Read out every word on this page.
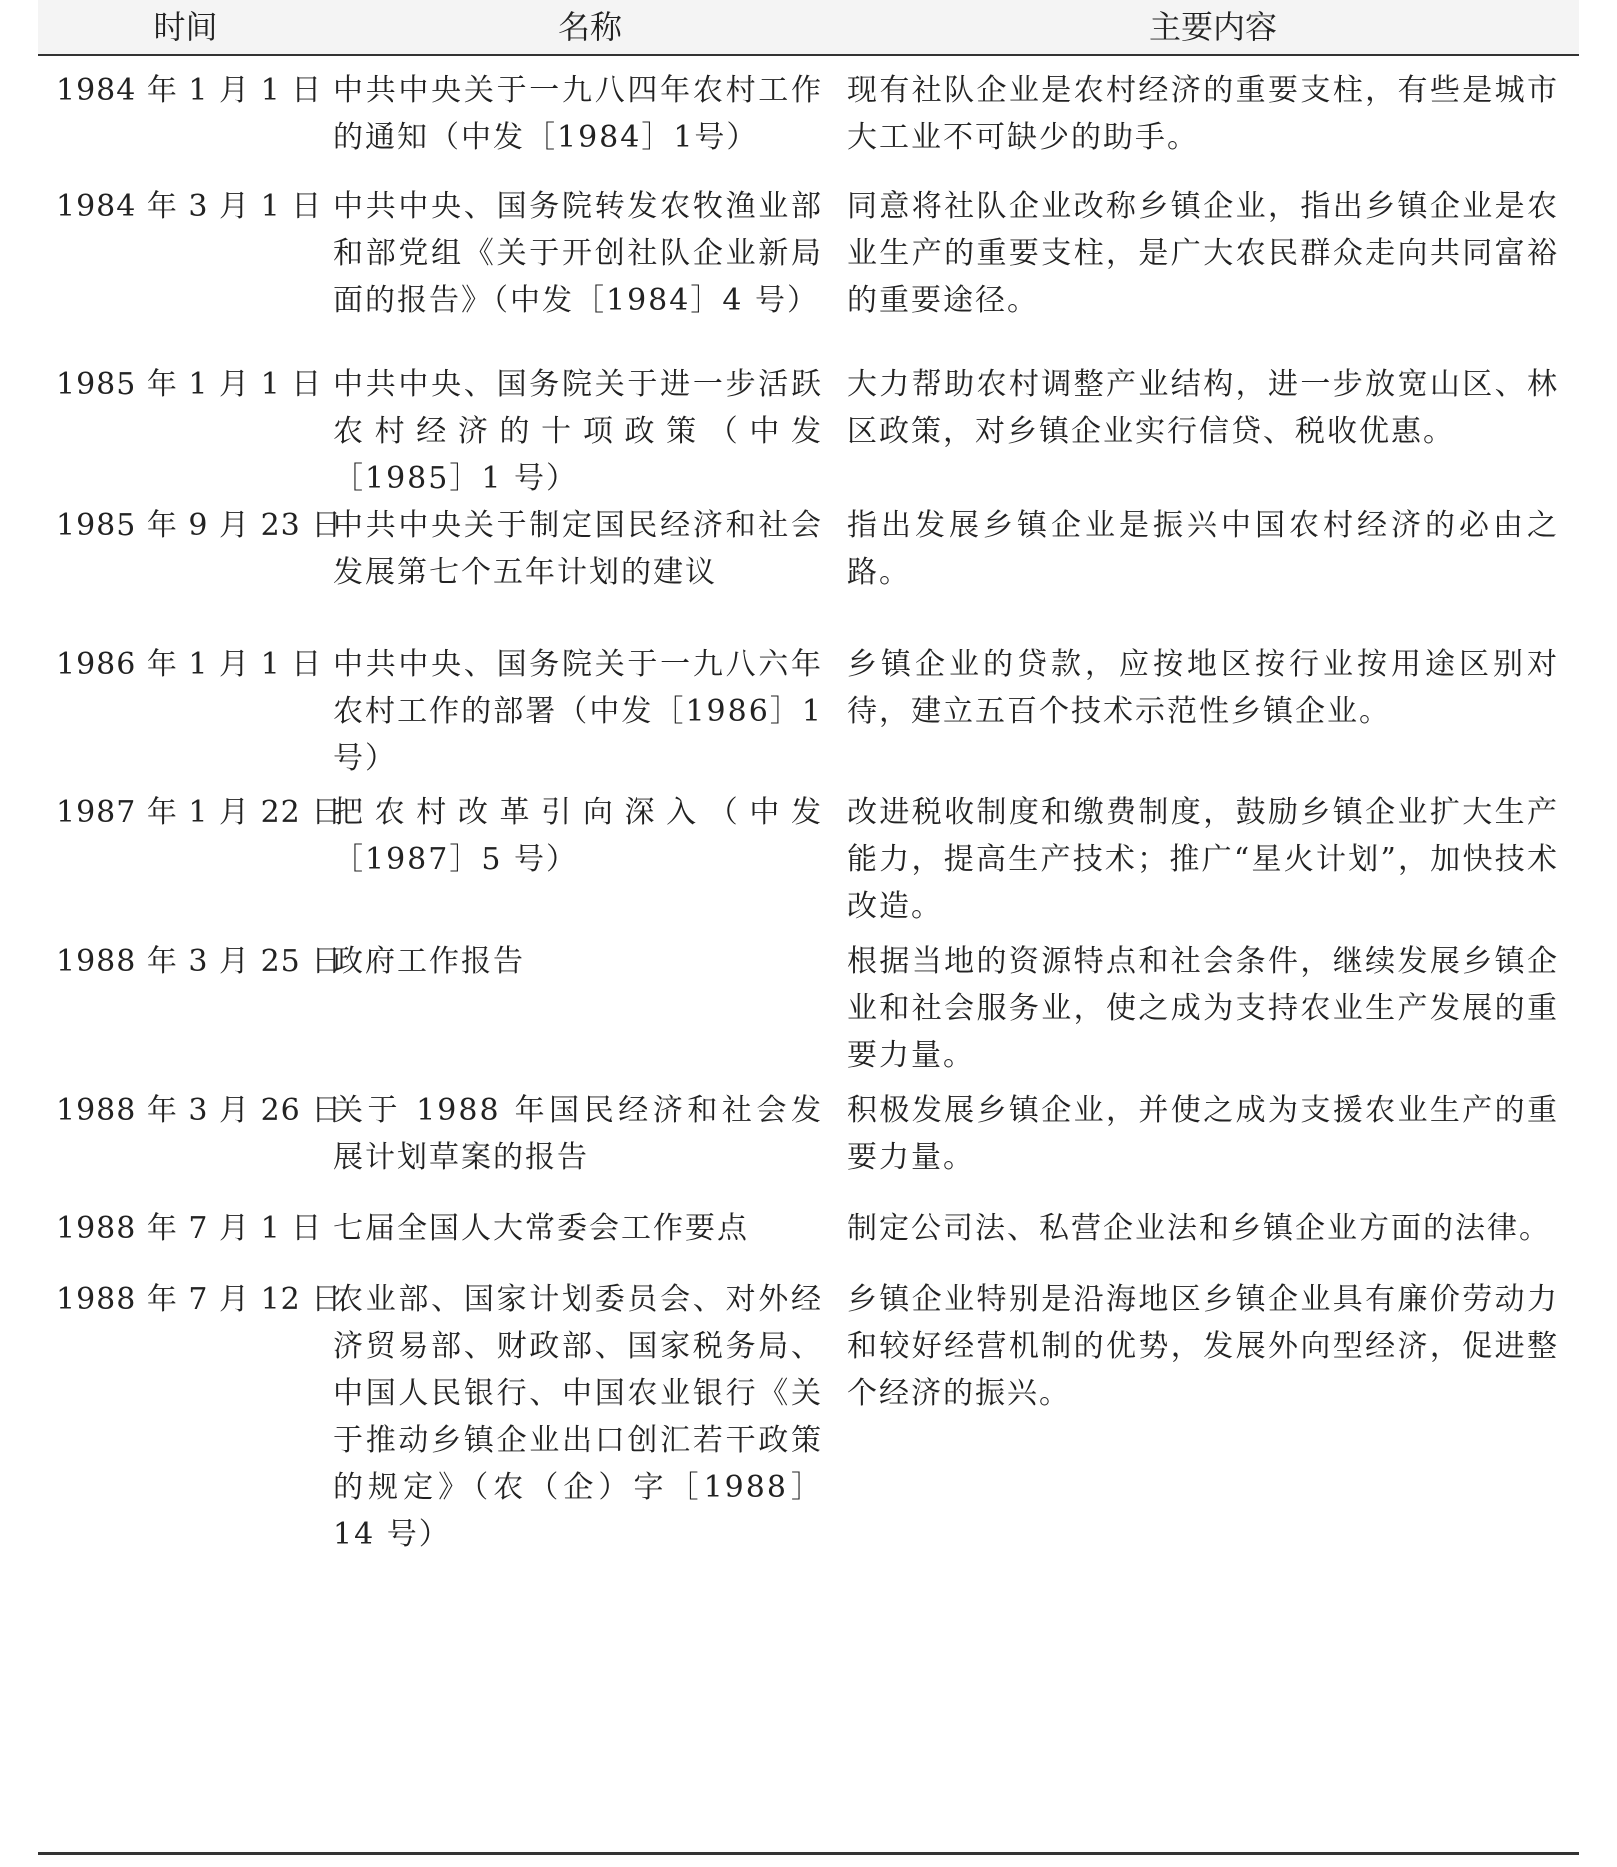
时间	名称	主要内容
1984 年 1 月 1 日	中共中央关于一九八四年农村工作的通知（中发［1984］1号）	现有社队企业是农村经济的重要支柱，有些是城市大工业不可缺少的助手。
1984 年 3 月 1 日	中共中央、国务院转发农牧渔业部和部党组《关于开创社队企业新局面的报告》（中发［1984］4 号）	同意将社队企业改称乡镇企业，指出乡镇企业是农业生产的重要支柱，是广大农民群众走向共同富裕的重要途径。
1985 年 1 月 1 日	中共中央、国务院关于进一步活跃农村经济的十项政策（中发［1985］1 号）	大力帮助农村调整产业结构，进一步放宽山区、林区政策，对乡镇企业实行信贷、税收优惠。
1985 年 9 月 23 日	中共中央关于制定国民经济和社会发展第七个五年计划的建议	指出发展乡镇企业是振兴中国农村经济的必由之路。
1986 年 1 月 1 日	中共中央、国务院关于一九八六年农村工作的部署（中发［1986］1 号）	乡镇企业的贷款，应按地区按行业按用途区别对待，建立五百个技术示范性乡镇企业。
1987 年 1 月 22 日	把农村改革引向深入（中发［1987］5 号）	改进税收制度和缴费制度，鼓励乡镇企业扩大生产能力，提高生产技术；推广“星火计划”，加快技术改造。
1988 年 3 月 25 日	政府工作报告	根据当地的资源特点和社会条件，继续发展乡镇企业和社会服务业，使之成为支持农业生产发展的重要力量。
1988 年 3 月 26 日	关于 1988 年国民经济和社会发展计划草案的报告	积极发展乡镇企业，并使之成为支援农业生产的重要力量。
1988 年 7 月 1 日	七届全国人大常委会工作要点	制定公司法、私营企业法和乡镇企业方面的法律。
1988 年 7 月 12 日	农业部、国家计划委员会、对外经济贸易部、财政部、国家税务局、中国人民银行、中国农业银行《关于推动乡镇企业出口创汇若干政策的规定》（农（企）字［1988］14 号）	乡镇企业特别是沿海地区乡镇企业具有廉价劳动力和较好经营机制的优势，发展外向型经济，促进整个经济的振兴。
